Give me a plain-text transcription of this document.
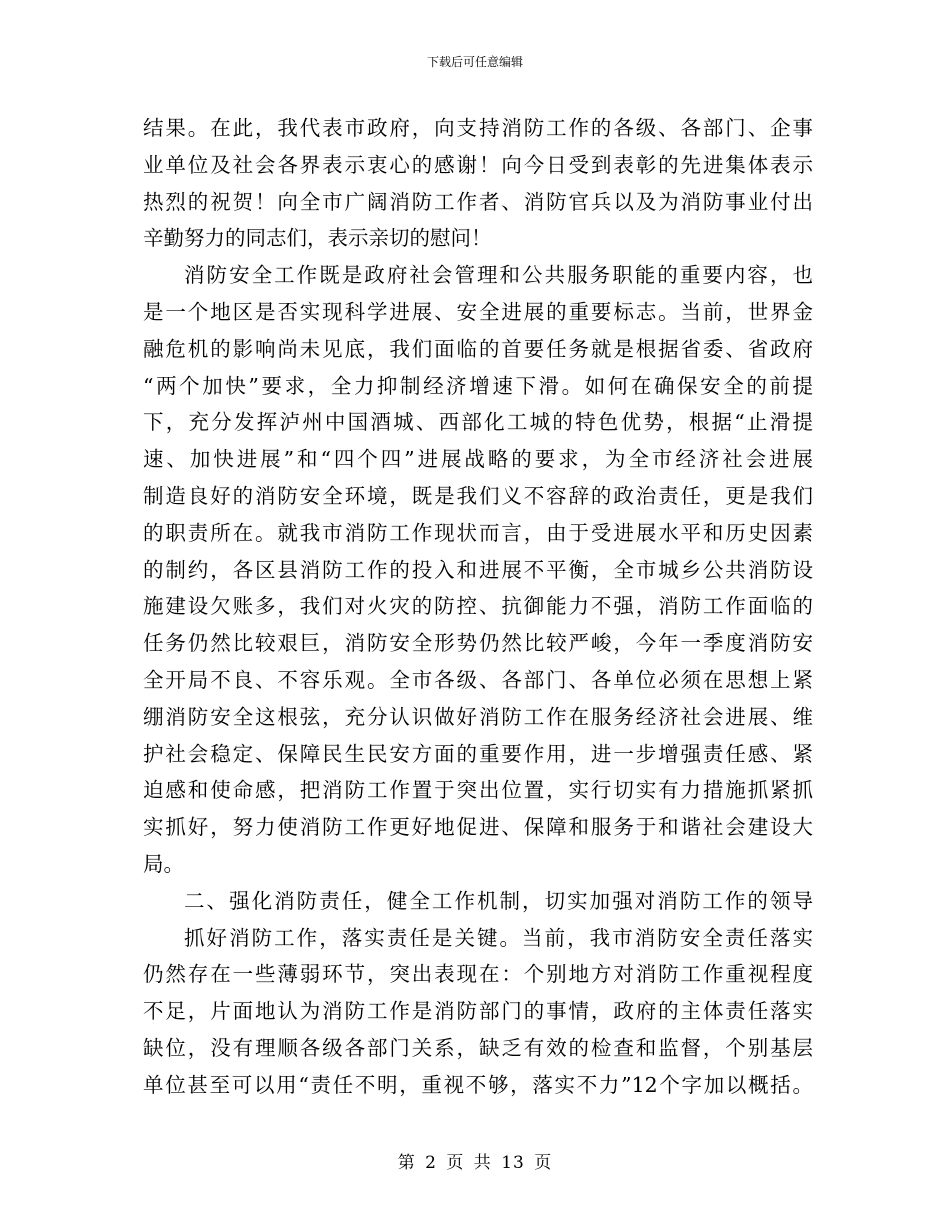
下载后可任意编辑
结果。在此，我代表市政府，向支持消防工作的各级、各部门、企事
业单位及社会各界表示衷心的感谢！向今日受到表彰的先进集体表示
热烈的祝贺！向全市广阔消防工作者、消防官兵以及为消防事业付出
辛勤努力的同志们，表示亲切的慰问！
消防安全工作既是政府社会管理和公共服务职能的重要内容，也
是一个地区是否实现科学进展、安全进展的重要标志。当前，世界金
融危机的影响尚未见底，我们面临的首要任务就是根据省委、省政府
“两个加快”要求，全力抑制经济增速下滑。如何在确保安全的前提
下，充分发挥泸州中国酒城、西部化工城的特色优势，根据“止滑提
速、加快进展”和“四个四”进展战略的要求，为全市经济社会进展
制造良好的消防安全环境，既是我们义不容辞的政治责任，更是我们
的职责所在。就我市消防工作现状而言，由于受进展水平和历史因素
的制约，各区县消防工作的投入和进展不平衡，全市城乡公共消防设
施建设欠账多，我们对火灾的防控、抗御能力不强，消防工作面临的
任务仍然比较艰巨，消防安全形势仍然比较严峻，今年一季度消防安
全开局不良、不容乐观。全市各级、各部门、各单位必须在思想上紧
绷消防安全这根弦，充分认识做好消防工作在服务经济社会进展、维
护社会稳定、保障民生民安方面的重要作用，进一步增强责任感、紧
迫感和使命感，把消防工作置于突出位置，实行切实有力措施抓紧抓
实抓好，努力使消防工作更好地促进、保障和服务于和谐社会建设大
局。
二、强化消防责任，健全工作机制，切实加强对消防工作的领导
抓好消防工作，落实责任是关键。当前，我市消防安全责任落实
仍然存在一些薄弱环节，突出表现在：个别地方对消防工作重视程度
不足，片面地认为消防工作是消防部门的事情，政府的主体责任落实
缺位，没有理顺各级各部门关系，缺乏有效的检查和监督，个别基层
单位甚至可以用“责任不明，重视不够，落实不力”12个字加以概括。
第 2 页 共 13 页
